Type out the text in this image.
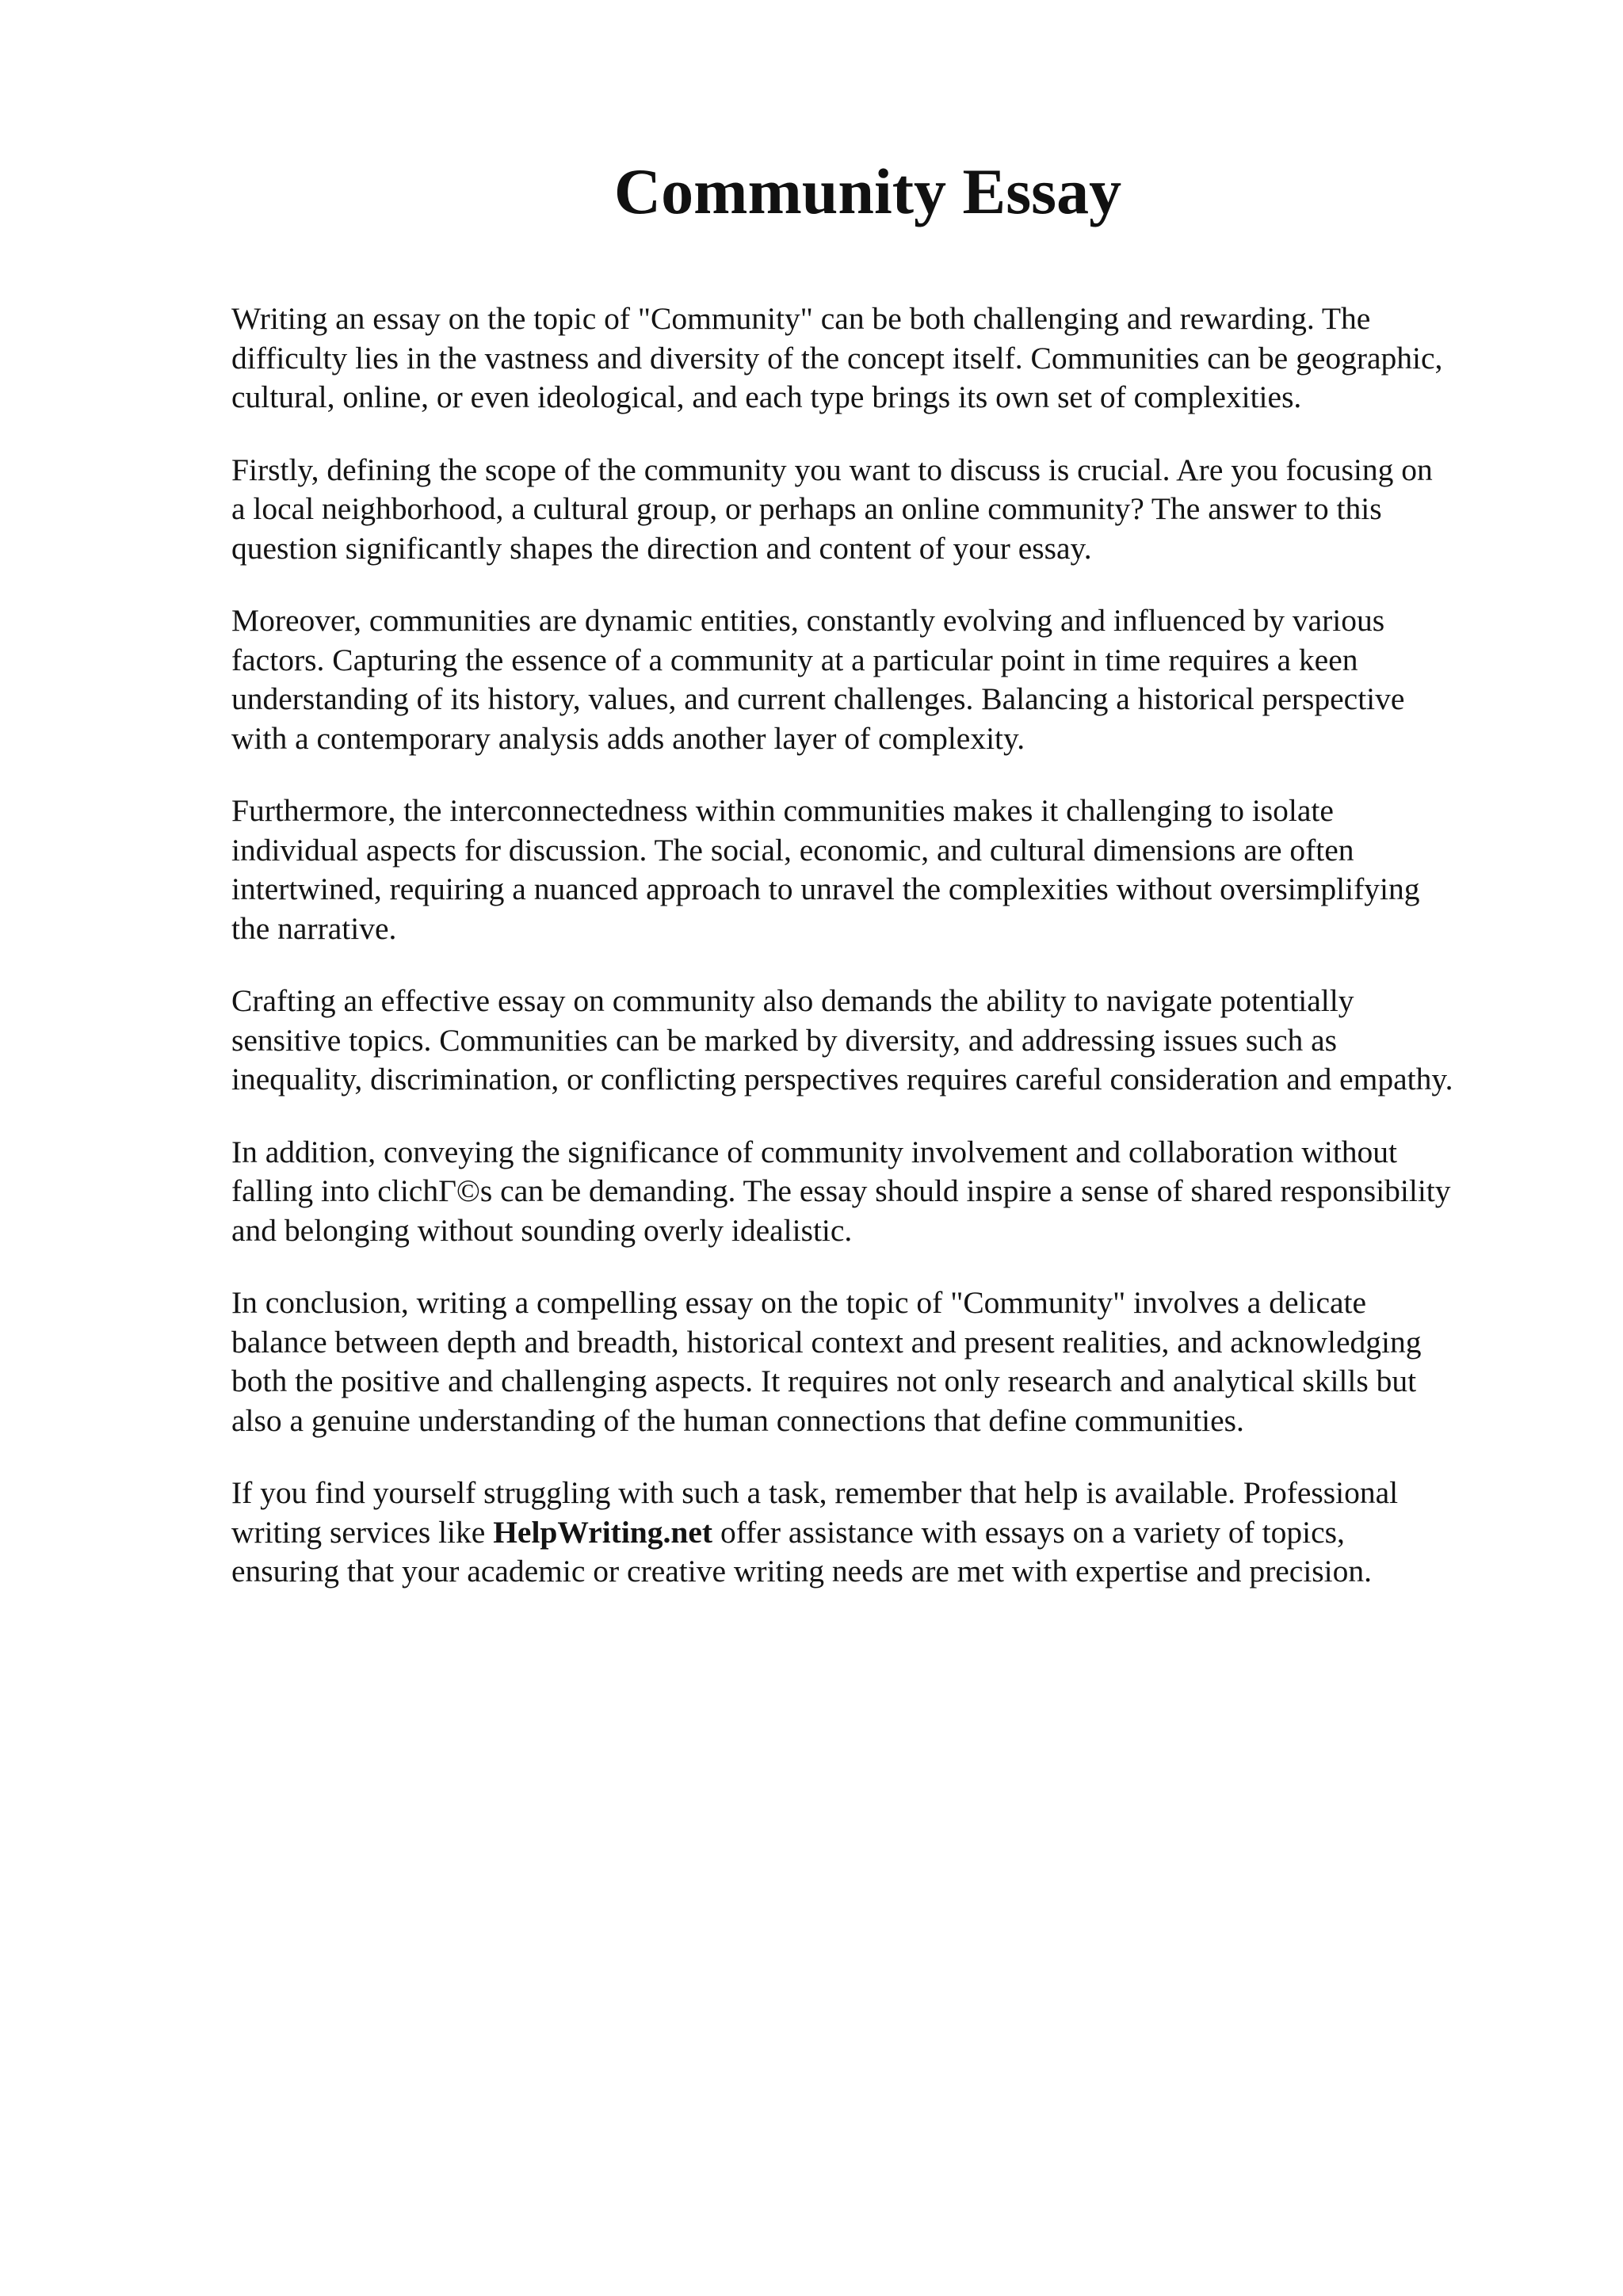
Community Essay

Writing an essay on the topic of "Community" can be both challenging and rewarding. The
difficulty lies in the vastness and diversity of the concept itself. Communities can be geographic,
cultural, online, or even ideological, and each type brings its own set of complexities.

Firstly, defining the scope of the community you want to discuss is crucial. Are you focusing on
a local neighborhood, a cultural group, or perhaps an online community? The answer to this
question significantly shapes the direction and content of your essay.

Moreover, communities are dynamic entities, constantly evolving and influenced by various
factors. Capturing the essence of a community at a particular point in time requires a keen
understanding of its history, values, and current challenges. Balancing a historical perspective
with a contemporary analysis adds another layer of complexity.

Furthermore, the interconnectedness within communities makes it challenging to isolate
individual aspects for discussion. The social, economic, and cultural dimensions are often
intertwined, requiring a nuanced approach to unravel the complexities without oversimplifying
the narrative.

Crafting an effective essay on community also demands the ability to navigate potentially
sensitive topics. Communities can be marked by diversity, and addressing issues such as
inequality, discrimination, or conflicting perspectives requires careful consideration and empathy.

In addition, conveying the significance of community involvement and collaboration without
falling into clichΓ©s can be demanding. The essay should inspire a sense of shared responsibility
and belonging without sounding overly idealistic.

In conclusion, writing a compelling essay on the topic of "Community" involves a delicate
balance between depth and breadth, historical context and present realities, and acknowledging
both the positive and challenging aspects. It requires not only research and analytical skills but
also a genuine understanding of the human connections that define communities.

If you find yourself struggling with such a task, remember that help is available. Professional
writing services like HelpWriting.net offer assistance with essays on a variety of topics,
ensuring that your academic or creative writing needs are met with expertise and precision.
